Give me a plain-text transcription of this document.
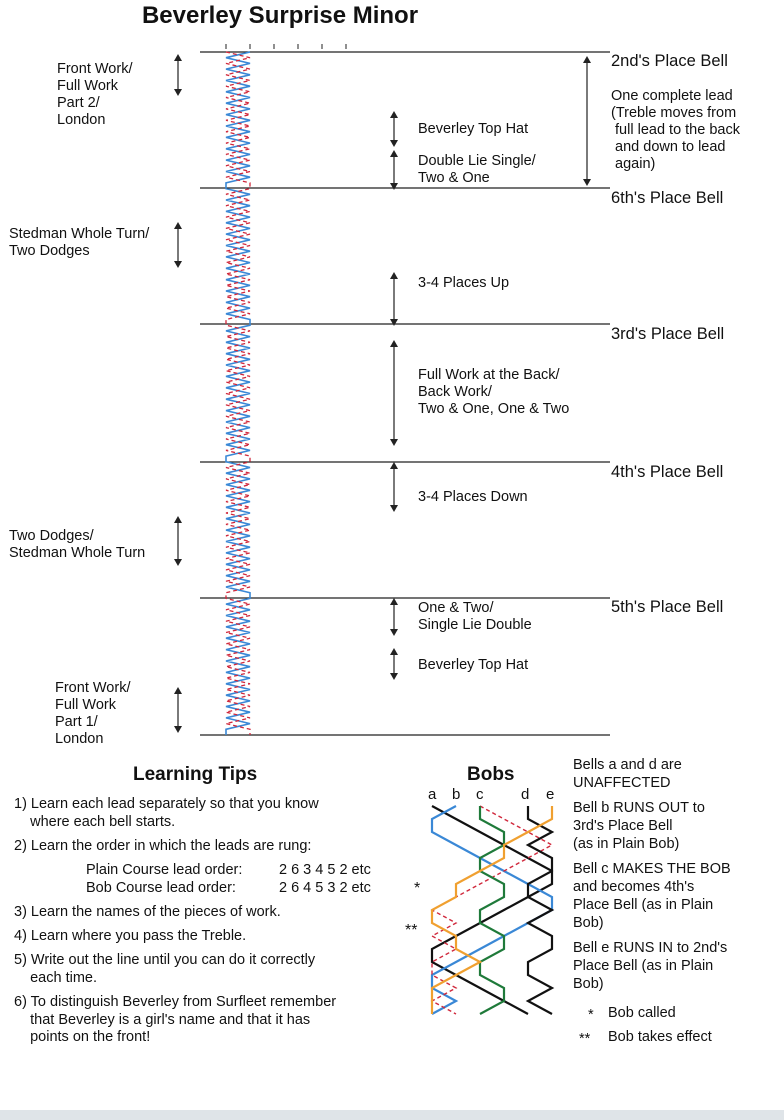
Beverley Surprise Minor
Front Work/
Full Work
Part 2/
London
Stedman Whole Turn/
Two Dodges
Two Dodges/
Stedman Whole Turn
Front Work/
Full Work
Part 1/
London
Beverley Top Hat
Double Lie Single/
Two & One
3-4 Places Up
Full Work at the Back/
Back Work/
Two & One, One & Two
3-4 Places Down
One & Two/
Single Lie Double
Beverley Top Hat
2nd's Place Bell
6th's Place Bell
3rd's Place Bell
4th's Place Bell
5th's Place Bell
One complete lead
(Treble moves from
full lead to the back
and down to lead
again)
Learning Tips
1) Learn each lead separately so that you know
where each bell starts.
2) Learn the order in which the leads are rung:
Plain Course lead order:	2 6 3 4 5 2 etc
Bob Course lead order:	2 6 4 5 3 2 etc
3) Learn the names of the pieces of work.
4) Learn where you pass the Treble.
5) Write out the line until you can do it correctly
each time.
6) To distinguish Beverley from Surfleet remember
that Beverley is a girl's name and that it has
points on the front!
Bobs
a b c	d e
*
**
Bells a and d are
UNAFFECTED
Bell b RUNS OUT to
3rd's Place Bell
(as in Plain Bob)
Bell c MAKES THE BOB
and becomes 4th's
Place Bell (as in Plain
Bob)
Bell e RUNS IN to 2nd's
Place Bell (as in Plain
Bob)
* Bob called
** Bob takes effect
